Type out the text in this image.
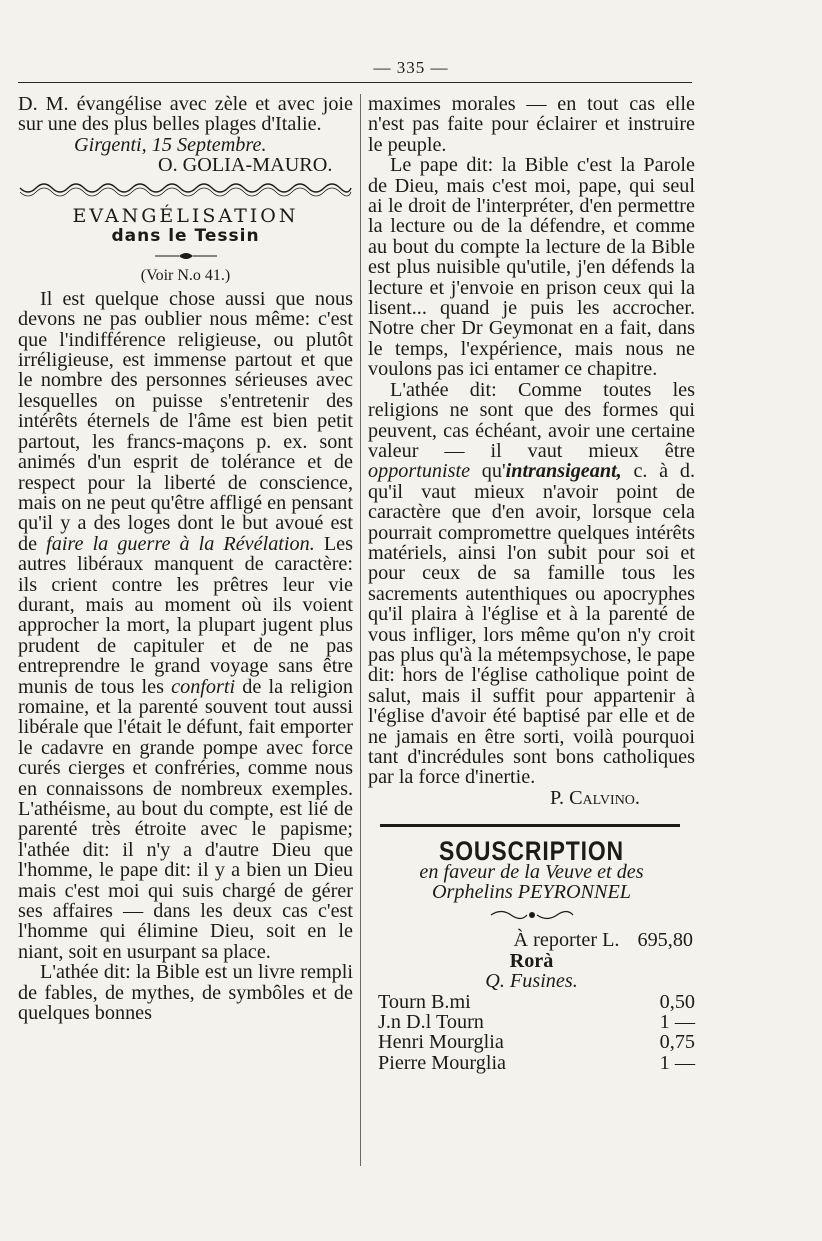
— 335 —

D. M. évangélise avec zèle et avec joie sur une des plus belles plages d'Italie.

Girgenti, 15 Septembre.

O. GOLIA-MAURO.

EVANGÉLISATION
dans le Tessin
(Voir N.o 41.)

Il est quelque chose aussi que nous devons ne pas oublier nous même: c'est que l'indifférence religieuse, ou plutôt irréligieuse, est immense partout et que le nombre des personnes sérieuses avec lesquelles on puisse s'entretenir des intérêts éternels de l'âme est bien petit partout, les francs-maçons p. ex. sont animés d'un esprit de tolérance et de respect pour la liberté de conscience, mais on ne peut qu'être affligé en pensant qu'il y a des loges dont le but avoué est de faire la guerre à la Révélation. Les autres libéraux manquent de caractère: ils crient contre les prêtres leur vie durant, mais au moment où ils voient approcher la mort, la plupart jugent plus prudent de capituler et de ne pas entreprendre le grand voyage sans être munis de tous les conforti de la religion romaine, et la parenté souvent tout aussi libérale que l'était le défunt, fait emporter le cadavre en grande pompe avec force curés cierges et confréries, comme nous en connaissons de nombreux exemples. L'athéisme, au bout du compte, est lié de parenté très étroite avec le papisme; l'athée dit: il n'y a d'autre Dieu que l'homme, le pape dit: il y a bien un Dieu mais c'est moi qui suis chargé de gérer ses affaires — dans les deux cas c'est l'homme qui élimine Dieu, soit en le niant, soit en usurpant sa place.

L'athée dit: la Bible est un livre rempli de fables, de mythes, de symbôles et de quelques bonnes

maximes morales — en tout cas elle n'est pas faite pour éclairer et instruire le peuple.

Le pape dit: la Bible c'est la Parole de Dieu, mais c'est moi, pape, qui seul ai le droit de l'interpréter, d'en permettre la lecture ou de la défendre, et comme au bout du compte la lecture de la Bible est plus nuisible qu'utile, j'en défends la lecture et j'envoie en prison ceux qui la lisent... quand je puis les accrocher. Notre cher Dr Geymonat en a fait, dans le temps, l'expérience, mais nous ne voulons pas ici entamer ce chapitre.

L'athée dit: Comme toutes les religions ne sont que des formes qui peuvent, cas échéant, avoir une certaine valeur — il vaut mieux être opportuniste qu'intransigeant, c. à d. qu'il vaut mieux n'avoir point de caractère que d'en avoir, lorsque cela pourrait compromettre quelques intérêts matériels, ainsi l'on subit pour soi et pour ceux de sa famille tous les sacrements autenthiques ou apocryphes qu'il plaira à l'église et à la parenté de vous infliger, lors même qu'on n'y croit pas plus qu'à la métempsychose, le pape dit: hors de l'église catholique point de salut, mais il suffit pour appartenir à l'église d'avoir été baptisé par elle et de ne jamais en être sorti, voilà pourquoi tant d'incrédules sont bons catholiques par la force d'inertie.

P. Calvino.

SOUSCRIPTION
en faveur de la Veuve et des
Orphelins PEYRONNEL
À reporter L. 695,80
Rorà
Q. Fusines.
Tourn B.mi	0,50
J.n D.l Tourn	1 —
Henri Mourglia	0,75
Pierre Mourglia	1 —
